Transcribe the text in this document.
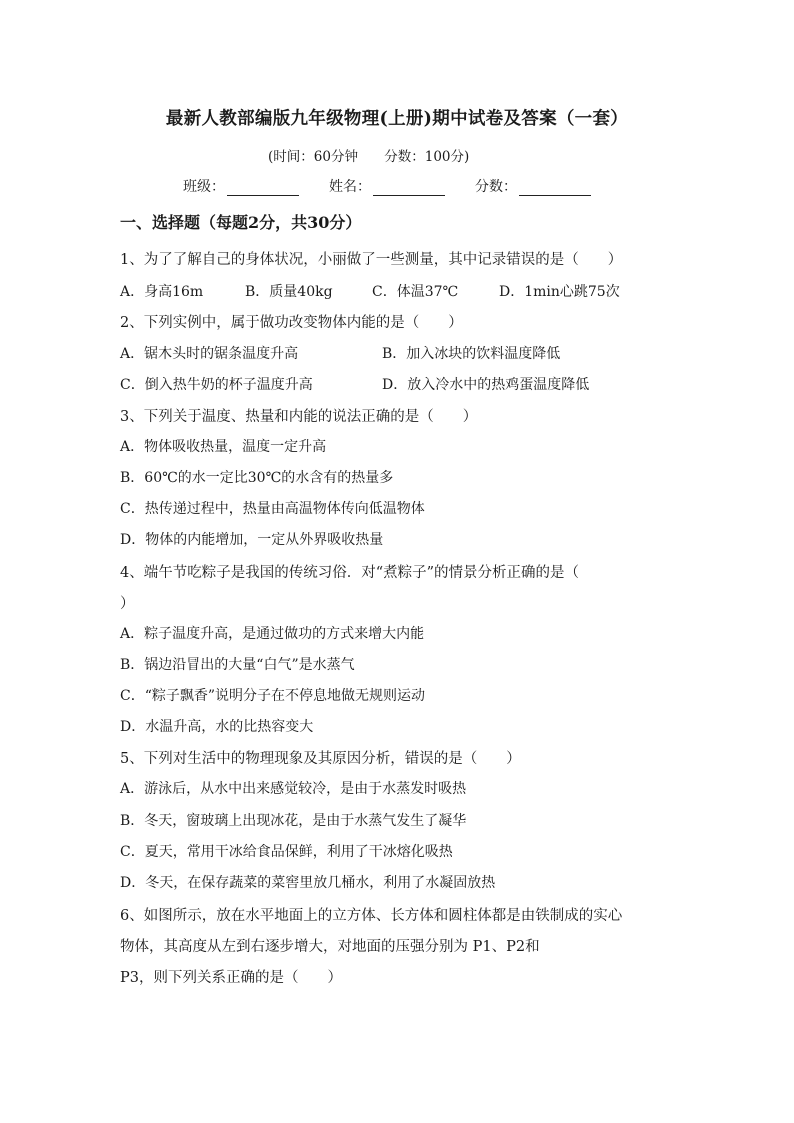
最新人教部编版九年级物理(上册)期中试卷及答案（一套）
(时间：60分钟 分数：100分)
班级：	姓名：	分数：
一、选择题（每题2分，共30分）
1、为了了解自己的身体状况，小丽做了一些测量，其中记录错误的是（　　）
A．身高16m	B．质量40kg	C．体温37℃	D．1min心跳75次
2、下列实例中，属于做功改变物体内能的是（　　）
A．锯木头时的锯条温度升高	B．加入冰块的饮料温度降低
C．倒入热牛奶的杯子温度升高	D．放入冷水中的热鸡蛋温度降低
3、下列关于温度、热量和内能的说法正确的是（　　）
A．物体吸收热量，温度一定升高
B．60℃的水一定比30℃的水含有的热量多
C．热传递过程中，热量由高温物体传向低温物体
D．物体的内能增加，一定从外界吸收热量
4、端午节吃粽子是我国的传统习俗．对“煮粽子”的情景分析正确的是（
）
A．粽子温度升高，是通过做功的方式来增大内能
B．锅边沿冒出的大量“白气”是水蒸气
C．“粽子飘香”说明分子在不停息地做无规则运动
D．水温升高，水的比热容变大
5、下列对生活中的物理现象及其原因分析，错误的是（　　）
A．游泳后，从水中出来感觉较冷，是由于水蒸发时吸热
B．冬天，窗玻璃上出现冰花，是由于水蒸气发生了凝华
C．夏天，常用干冰给食品保鲜，利用了干冰熔化吸热
D．冬天，在保存蔬菜的菜窖里放几桶水，利用了水凝固放热
6、如图所示，放在水平地面上的立方体、长方体和圆柱体都是由铁制成的实心
物体，其高度从左到右逐步增大，对地面的压强分别为 P1、P2和
P3，则下列关系正确的是（　　）
